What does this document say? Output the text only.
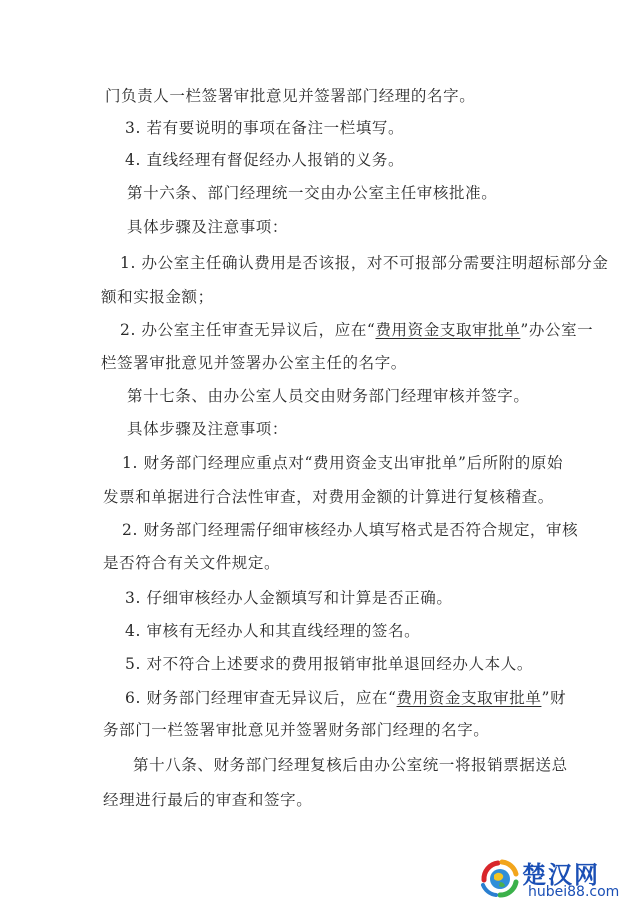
门负责人一栏签署审批意见并签署部门经理的名字。
3. 若有要说明的事项在备注一栏填写。
4. 直线经理有督促经办人报销的义务。
第十六条、部门经理统一交由办公室主任审核批准。
具体步骤及注意事项：
1. 办公室主任确认费用是否该报，对不可报部分需要注明超标部分金
额和实报金额；
2. 办公室主任审查无异议后，应在“费用资金支取审批单”办公室一
栏签署审批意见并签署办公室主任的名字。
第十七条、由办公室人员交由财务部门经理审核并签字。
具体步骤及注意事项：
1. 财务部门经理应重点对“费用资金支出审批单”后所附的原始
发票和单据进行合法性审查，对费用金额的计算进行复核稽查。
2. 财务部门经理需仔细审核经办人填写格式是否符合规定，审核
是否符合有关文件规定。
3. 仔细审核经办人金额填写和计算是否正确。
4. 审核有无经办人和其直线经理的签名。
5. 对不符合上述要求的费用报销审批单退回经办人本人。
6. 财务部门经理审查无异议后，应在“费用资金支取审批单”财
务部门一栏签署审批意见并签署财务部门经理的名字。
第十八条、财务部门经理复核后由办公室统一将报销票据送总
经理进行最后的审查和签字。
楚汉网
hubei88.com
